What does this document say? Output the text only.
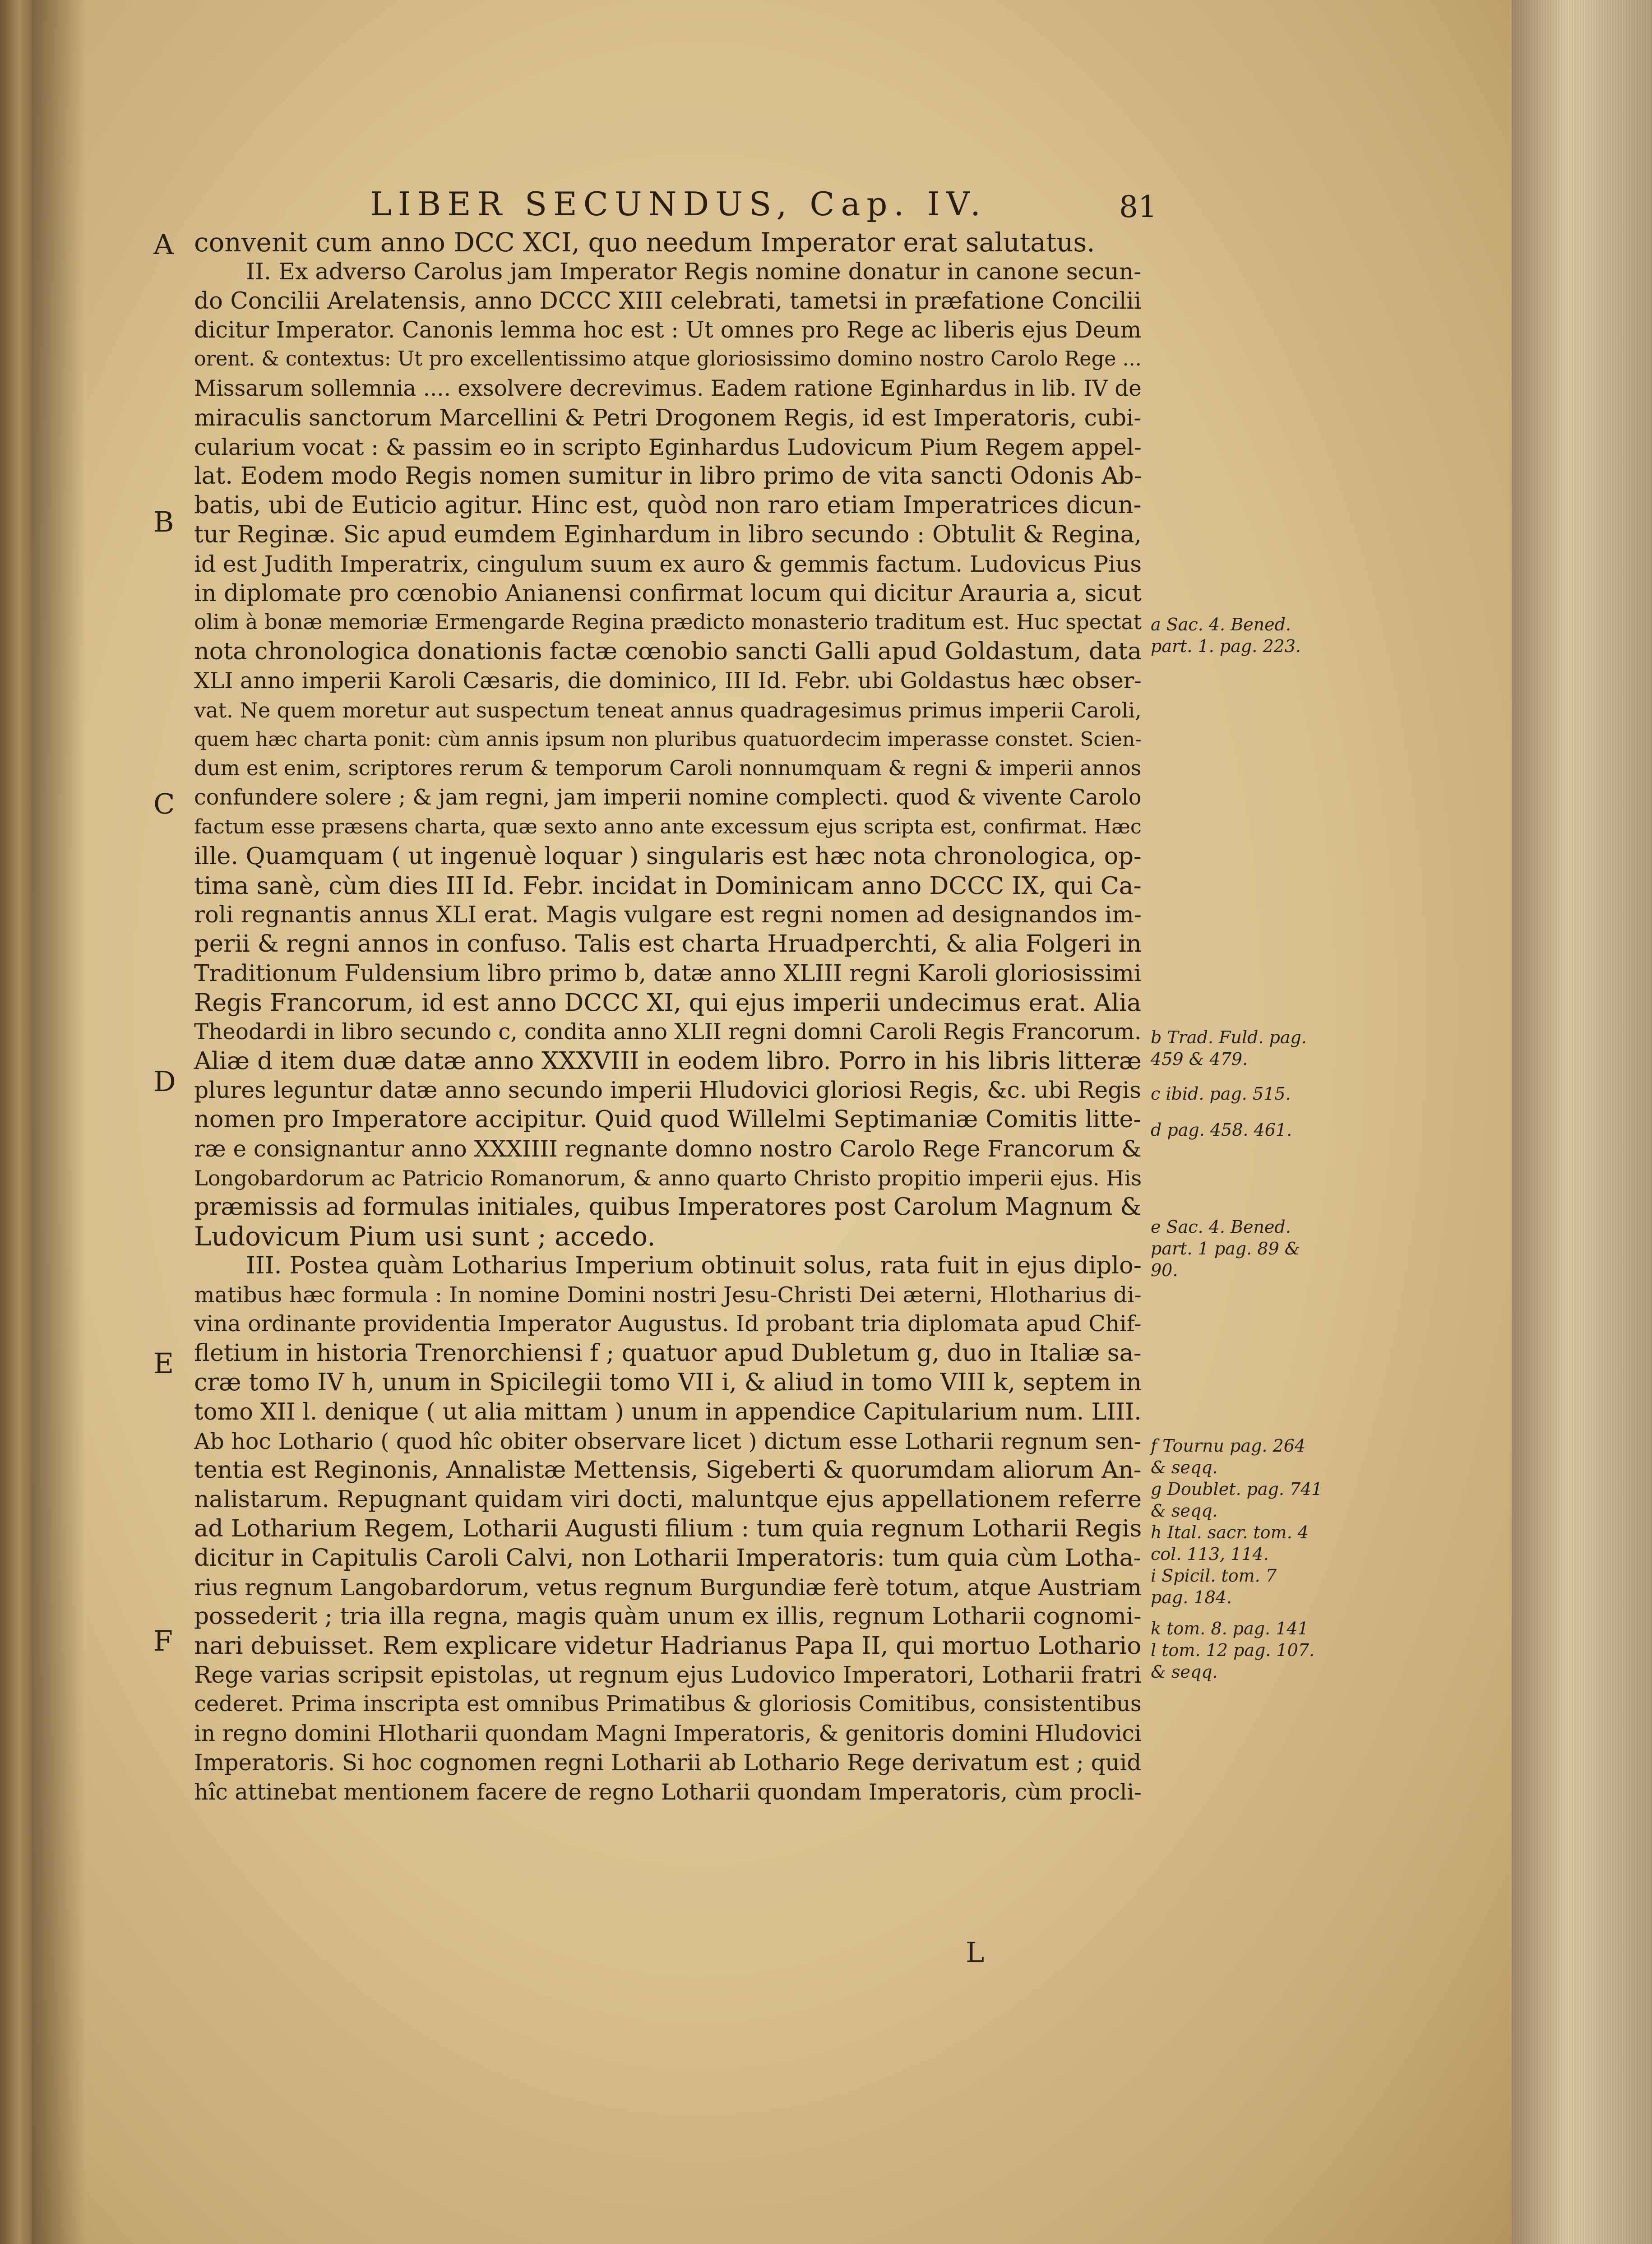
LIBER SECUNDUS, Cap. IV.	81
convenit cum anno DCC XCI, quo needum Imperator erat salutatus.
II. Ex adverso Carolus jam Imperator Regis nomine donatur in canone secun-
do Concilii Arelatensis, anno DCCC XIII celebrati, tametsi in præfatione Concilii
dicitur Imperator. Canonis lemma hoc est : Ut omnes pro Rege ac liberis ejus Deum
orent. & contextus: Ut pro excellentissimo atque gloriosissimo domino nostro Carolo Rege ...
Missarum sollemnia .... exsolvere decrevimus. Eadem ratione Eginhardus in lib. IV de
miraculis sanctorum Marcellini & Petri Drogonem Regis, id est Imperatoris, cubi-
cularium vocat : & passim eo in scripto Eginhardus Ludovicum Pium Regem appel-
lat. Eodem modo Regis nomen sumitur in libro primo de vita sancti Odonis Ab-
batis, ubi de Euticio agitur. Hinc est, quòd non raro etiam Imperatrices dicun-
tur Reginæ. Sic apud eumdem Eginhardum in libro secundo : Obtulit & Regina,
id est Judith Imperatrix, cingulum suum ex auro & gemmis factum. Ludovicus Pius
in diplomate pro cœnobio Anianensi confirmat locum qui dicitur Arauria a, sicut
olim à bonæ memoriæ Ermengarde Regina prædicto monasterio traditum est. Huc spectat
nota chronologica donationis factæ cœnobio sancti Galli apud Goldastum, data
XLI anno imperii Karoli Cæsaris, die dominico, III Id. Febr. ubi Goldastus hæc obser-
vat. Ne quem moretur aut suspectum teneat annus quadragesimus primus imperii Caroli,
quem hæc charta ponit: cùm annis ipsum non pluribus quatuordecim imperasse constet. Scien-
dum est enim, scriptores rerum & temporum Caroli nonnumquam & regni & imperii annos
confundere solere ; & jam regni, jam imperii nomine complecti. quod & vivente Carolo
factum esse præsens charta, quæ sexto anno ante excessum ejus scripta est, confirmat. Hæc
ille. Quamquam ( ut ingenuè loquar ) singularis est hæc nota chronologica, op-
tima sanè, cùm dies III Id. Febr. incidat in Dominicam anno DCCC IX, qui Ca-
roli regnantis annus XLI erat. Magis vulgare est regni nomen ad designandos im-
perii & regni annos in confuso. Talis est charta Hruadperchti, & alia Folgeri in
Traditionum Fuldensium libro primo b, datæ anno XLIII regni Karoli gloriosissimi
Regis Francorum, id est anno DCCC XI, qui ejus imperii undecimus erat. Alia
Theodardi in libro secundo c, condita anno XLII regni domni Caroli Regis Francorum.
Aliæ d item duæ datæ anno XXXVIII in eodem libro. Porro in his libris litteræ
plures leguntur datæ anno secundo imperii Hludovici gloriosi Regis, &c. ubi Regis
nomen pro Imperatore accipitur. Quid quod Willelmi Septimaniæ Comitis litte-
ræ e consignantur anno XXXIIII regnante domno nostro Carolo Rege Francorum &
Longobardorum ac Patricio Romanorum, & anno quarto Christo propitio imperii ejus. His
præmissis ad formulas initiales, quibus Imperatores post Carolum Magnum &
Ludovicum Pium usi sunt ; accedo.
III. Postea quàm Lotharius Imperium obtinuit solus, rata fuit in ejus diplo-
matibus hæc formula : In nomine Domini nostri Jesu-Christi Dei æterni, Hlotharius di-
vina ordinante providentia Imperator Augustus. Id probant tria diplomata apud Chif-
fletium in historia Trenorchiensi f ; quatuor apud Dubletum g, duo in Italiæ sa-
cræ tomo IV h, unum in Spicilegii tomo VII i, & aliud in tomo VIII k, septem in
tomo XII l. denique ( ut alia mittam ) unum in appendice Capitularium num. LIII.
Ab hoc Lothario ( quod hîc obiter observare licet ) dictum esse Lotharii regnum sen-
tentia est Reginonis, Annalistæ Mettensis, Sigeberti & quorumdam aliorum An-
nalistarum. Repugnant quidam viri docti, maluntque ejus appellationem referre
ad Lotharium Regem, Lotharii Augusti filium : tum quia regnum Lotharii Regis
dicitur in Capitulis Caroli Calvi, non Lotharii Imperatoris: tum quia cùm Lotha-
rius regnum Langobardorum, vetus regnum Burgundiæ ferè totum, atque Austriam
possederit ; tria illa regna, magis quàm unum ex illis, regnum Lotharii cognomi-
nari debuisset. Rem explicare videtur Hadrianus Papa II, qui mortuo Lothario
Rege varias scripsit epistolas, ut regnum ejus Ludovico Imperatori, Lotharii fratri
cederet. Prima inscripta est omnibus Primatibus & gloriosis Comitibus, consistentibus
in regno domini Hlotharii quondam Magni Imperatoris, & genitoris domini Hludovici
Imperatoris. Si hoc cognomen regni Lotharii ab Lothario Rege derivatum est ; quid
hîc attinebat mentionem facere de regno Lotharii quondam Imperatoris, cùm procli-
A
B
C
D
E
F
a Sac. 4. Bened.
part. 1. pag. 223.
b Trad. Fuld. pag.
459 & 479.
c ibid. pag. 515.
d pag. 458. 461.
e Sac. 4. Bened.
part. 1 pag. 89 &
90.
f Tournu pag. 264
& seqq.
g Doublet. pag. 741
& seqq.
h Ital. sacr. tom. 4
col. 113, 114.
i Spicil. tom. 7
pag. 184.
k tom. 8. pag. 141
l tom. 12 pag. 107.
& seqq.
L
